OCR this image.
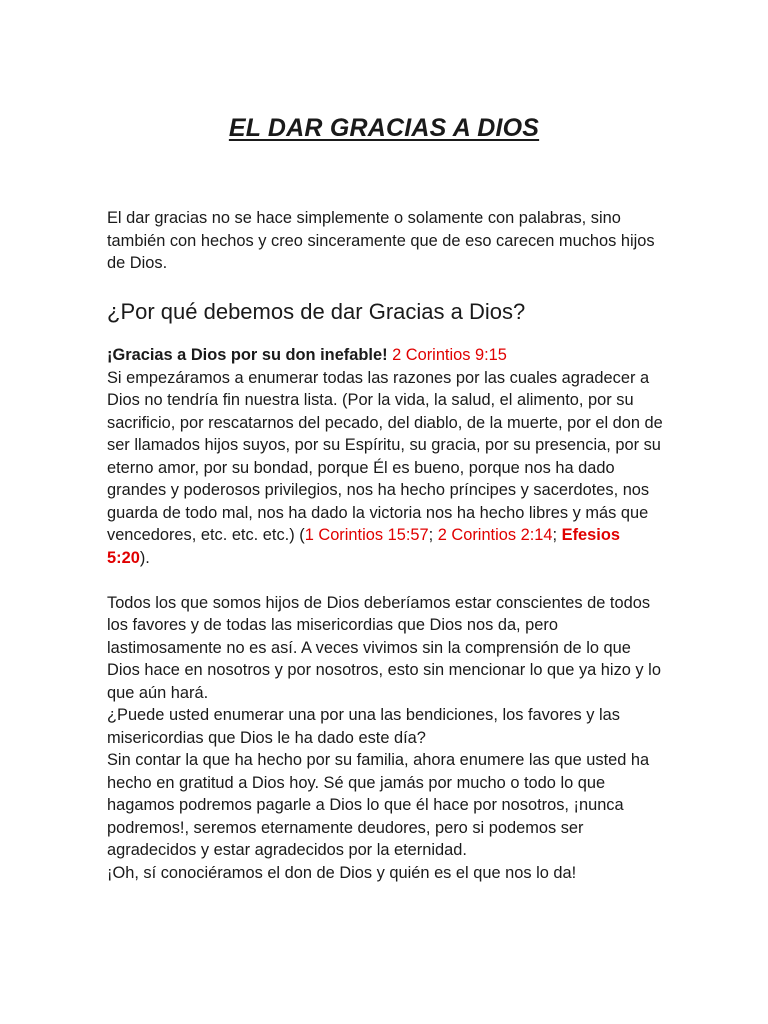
EL DAR GRACIAS A DIOS

El dar gracias no se hace simplemente o solamente con palabras, sino también con hechos y creo sinceramente que de eso carecen muchos hijos de Dios.

¿Por qué debemos de dar Gracias a Dios?

¡Gracias a Dios por su don inefable! 2 Corintios 9:15

Si empezáramos a enumerar todas las razones por las cuales agradecer a Dios no tendría fin nuestra lista. (Por la vida, la salud, el alimento, por su sacrificio, por rescatarnos del pecado, del diablo, de la muerte, por el don de ser llamados hijos suyos, por su Espíritu, su gracia, por su presencia, por su eterno amor, por su bondad, porque Él es bueno, porque nos ha dado grandes y poderosos privilegios, nos ha hecho príncipes y sacerdotes, nos guarda de todo mal, nos ha dado la victoria nos ha hecho libres y más que vencedores, etc. etc. etc.) (1 Corintios 15:57; 2 Corintios 2:14; Efesios 5:20).

Todos los que somos hijos de Dios deberíamos estar conscientes de todos los favores y de todas las misericordias que Dios nos da, pero lastimosamente no es así. A veces vivimos sin la comprensión de lo que Dios hace en nosotros y por nosotros, esto sin mencionar lo que ya hizo y lo que aún hará.

¿Puede usted enumerar una por una las bendiciones, los favores y las misericordias que Dios le ha dado este día?

Sin contar la que ha hecho por su familia, ahora enumere las que usted ha hecho en gratitud a Dios hoy. Sé que jamás por mucho o todo lo que hagamos podremos pagarle a Dios lo que él hace por nosotros, ¡nunca podremos!, seremos eternamente deudores, pero si podemos ser agradecidos y estar agradecidos por la eternidad.

¡Oh, sí conociéramos el don de Dios y quién es el que nos lo da!
